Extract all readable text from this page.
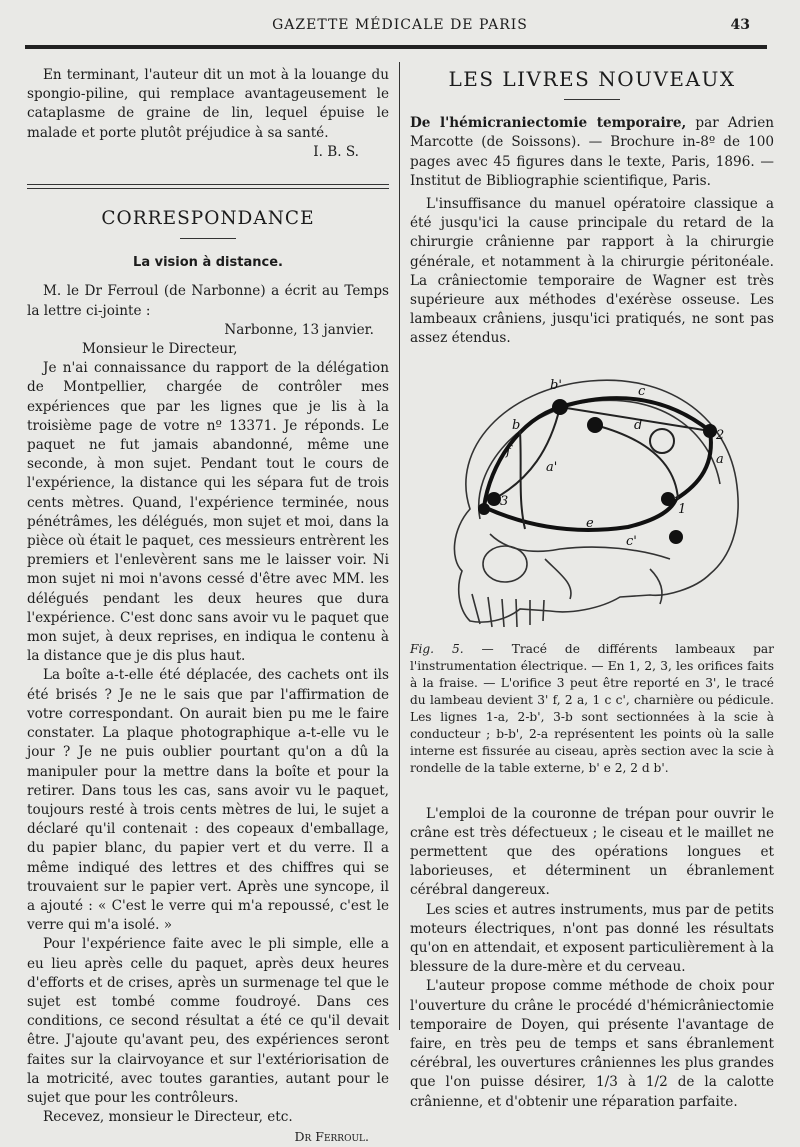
GAZETTE MÉDICALE DE PARIS	43

En terminant, l'auteur dit un mot à la louange du spongio-piline, qui remplace avantageusement le cataplasme de graine de lin, lequel épuise le malade et porte plutôt préjudice à sa santé.

I. B. S.

CORRESPONDANCE
La vision à distance.

M. le Dr Ferroul (de Narbonne) a écrit au Temps la lettre ci-jointe :

Narbonne, 13 janvier.

Monsieur le Directeur,

Je n'ai connaissance du rapport de la délégation de Montpellier, chargée de contrôler mes expériences que par les lignes que je lis à la troisième page de votre nº 13371. Je réponds. Le paquet ne fut jamais abandonné, même une seconde, à mon sujet. Pendant tout le cours de l'expérience, la distance qui les sépara fut de trois cents mètres. Quand, l'expérience terminée, nous pénétrâmes, les délégués, mon sujet et moi, dans la pièce où était le paquet, ces messieurs entrèrent les premiers et l'enlevèrent sans me le laisser voir. Ni mon sujet ni moi n'avons cessé d'être avec MM. les délégués pendant les deux heures que dura l'expérience. C'est donc sans avoir vu le paquet que mon sujet, à deux reprises, en indiqua le contenu à la distance que je dis plus haut.

La boîte a-t-elle été déplacée, des cachets ont ils été brisés ? Je ne le sais que par l'affirmation de votre correspondant. On aurait bien pu me le faire constater. La plaque photographique a-t-elle vu le jour ? Je ne puis oublier pourtant qu'on a dû la manipuler pour la mettre dans la boîte et pour la retirer. Dans tous les cas, sans avoir vu le paquet, toujours resté à trois cents mètres de lui, le sujet a déclaré qu'il contenait : des copeaux d'emballage, du papier blanc, du papier vert et du verre. Il a même indiqué des lettres et des chiffres qui se trouvaient sur le papier vert. Après une syncope, il a ajouté : « C'est le verre qui m'a repoussé, c'est le verre qui m'a isolé. »

Pour l'expérience faite avec le pli simple, elle a eu lieu après celle du paquet, après deux heures d'efforts et de crises, après un surmenage tel que le sujet est tombé comme foudroyé. Dans ces conditions, ce second résultat a été ce qu'il devait être. J'ajoute qu'avant peu, des expériences seront faites sur la clairvoyance et sur l'extériorisation de la motricité, avec toutes garanties, autant pour le sujet que pour les contrôleurs.

Recevez, monsieur le Directeur, etc.

Dr Ferroul.

LES LIVRES NOUVEAUX

De l'hémicraniectomie temporaire, par Adrien Marcotte (de Soissons). — Brochure in-8º de 100 pages avec 45 figures dans le texte, Paris, 1896. — Institut de Bibliographie scientifique, Paris.

L'insuffisance du manuel opératoire classique a été jusqu'ici la cause principale du retard de la chirurgie crânienne par rapport à la chirurgie générale, et notamment à la chirurgie péritonéale. La crâniectomie temporaire de Wagner est très supérieure aux méthodes d'exérèse osseuse. Les lambeaux crâniens, jusqu'ici pratiqués, ne sont pas assez étendus.

b'	c
d
b
f
a
2
3
1
c'
e
a'

Fig. 5. — Tracé de différents lambeaux par l'instrumentation électrique. — En 1, 2, 3, les orifices faits à la fraise. — L'orifice 3 peut être reporté en 3', le tracé du lambeau devient 3' f, 2 a, 1 c c', charnière ou pédicule. Les lignes 1-a, 2-b', 3-b sont sectionnées à la scie à conducteur ; b-b', 2-a représentent les points où la salle interne est fissurée au ciseau, après section avec la scie à rondelle de la table externe, b' e 2, 2 d b'.

L'emploi de la couronne de trépan pour ouvrir le crâne est très défectueux ; le ciseau et le maillet ne permettent que des opérations longues et laborieuses, et déterminent un ébranlement cérébral dangereux.

Les scies et autres instruments, mus par de petits moteurs électriques, n'ont pas donné les résultats qu'on en attendait, et exposent particulièrement à la blessure de la dure-mère et du cerveau.

L'auteur propose comme méthode de choix pour l'ouverture du crâne le procédé d'hémicrâniectomie temporaire de Doyen, qui présente l'avantage de faire, en très peu de temps et sans ébranlement cérébral, les ouvertures crâniennes les plus grandes que l'on puisse désirer, 1/3 à 1/2 de la calotte crânienne, et d'obtenir une réparation parfaite.
